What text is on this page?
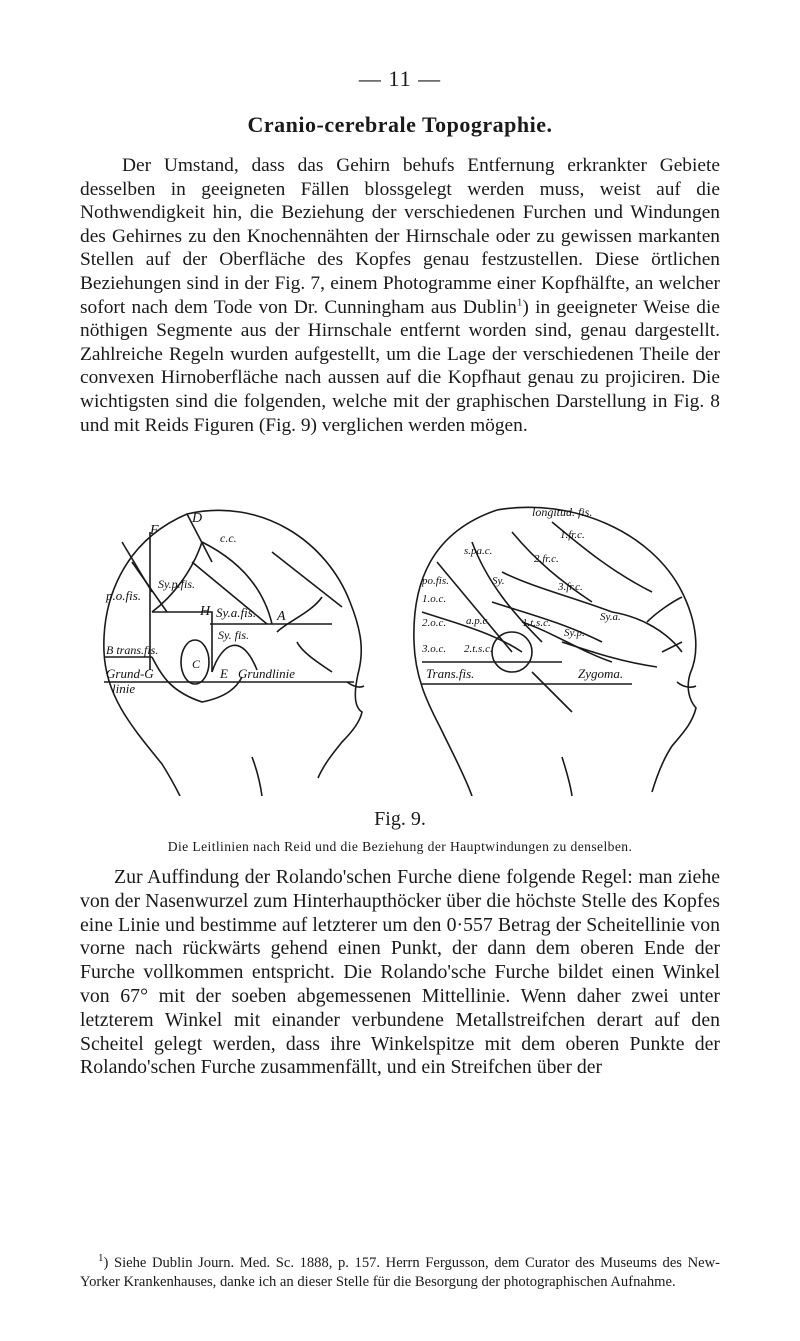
— 11 —
Cranio-cerebrale Topographie.

Der Umstand, dass das Gehirn behufs Entfernung erkrankter Gebiete desselben in geeigneten Fällen blossgelegt werden muss, weist auf die Nothwendigkeit hin, die Beziehung der verschiedenen Furchen und Windungen des Gehirnes zu den Knochennähten der Hirnschale oder zu gewissen markanten Stellen auf der Oberfläche des Kopfes genau festzustellen. Diese örtlichen Beziehungen sind in der Fig. 7, einem Photogramme einer Kopfhälfte, an welcher sofort nach dem Tode von Dr. Cunningham aus Dublin$^1$) in geeigneter Weise die nöthigen Segmente aus der Hirnschale entfernt worden sind, genau dargestellt. Zahlreiche Regeln wurden aufgestellt, um die Lage der verschiedenen Theile der convexen Hirnoberfläche nach aussen auf die Kopfhaut genau zu projiciren. Die wichtigsten sind die folgenden, welche mit der graphischen Darstellung in Fig. 8 und mit Reids Figuren (Fig. 9) verglichen werden mögen.

F
D
c.c.
p.o.fis.
Sy.p.fis.
H Sy.a.fis. A
Sy. fis.
B trans.fis.
C
Grund-G
linie
E Grundlinie
longitud. fis.
1.fr.c.
s.pa.c.
2.fr.c.
po.fis.	Sy.	3.fr.c.
1.o.c.
a.p.c.	Sy.a.
2.o.c.	1.t.s.c.
Sy.p.
3.o.c. 2.t.s.c.
Trans.fis.	Zygoma.
Fig. 9.
Die Leitlinien nach Reid und die Beziehung der Hauptwindungen zu denselben.

Zur Auffindung der Rolando'schen Furche diene folgende Regel: man ziehe von der Nasenwurzel zum Hinterhaupthöcker über die höchste Stelle des Kopfes eine Linie und bestimme auf letzterer um den 0·557 Betrag der Scheitellinie von vorne nach rückwärts gehend einen Punkt, der dann dem oberen Ende der Furche vollkommen entspricht. Die Rolando'sche Furche bildet einen Winkel von 67° mit der soeben abgemessenen Mittellinie. Wenn daher zwei unter letzterem Winkel mit einander verbundene Metallstreifchen derart auf den Scheitel gelegt werden, dass ihre Winkelspitze mit dem oberen Punkte der Rolando'schen Furche zusammenfällt, und ein Streifchen über der

$^1$) Siehe Dublin Journ. Med. Sc. 1888, p. 157. Herrn Fergusson, dem Curator des Museums des New-Yorker Krankenhauses, danke ich an dieser Stelle für die Besorgung der photographischen Aufnahme.
